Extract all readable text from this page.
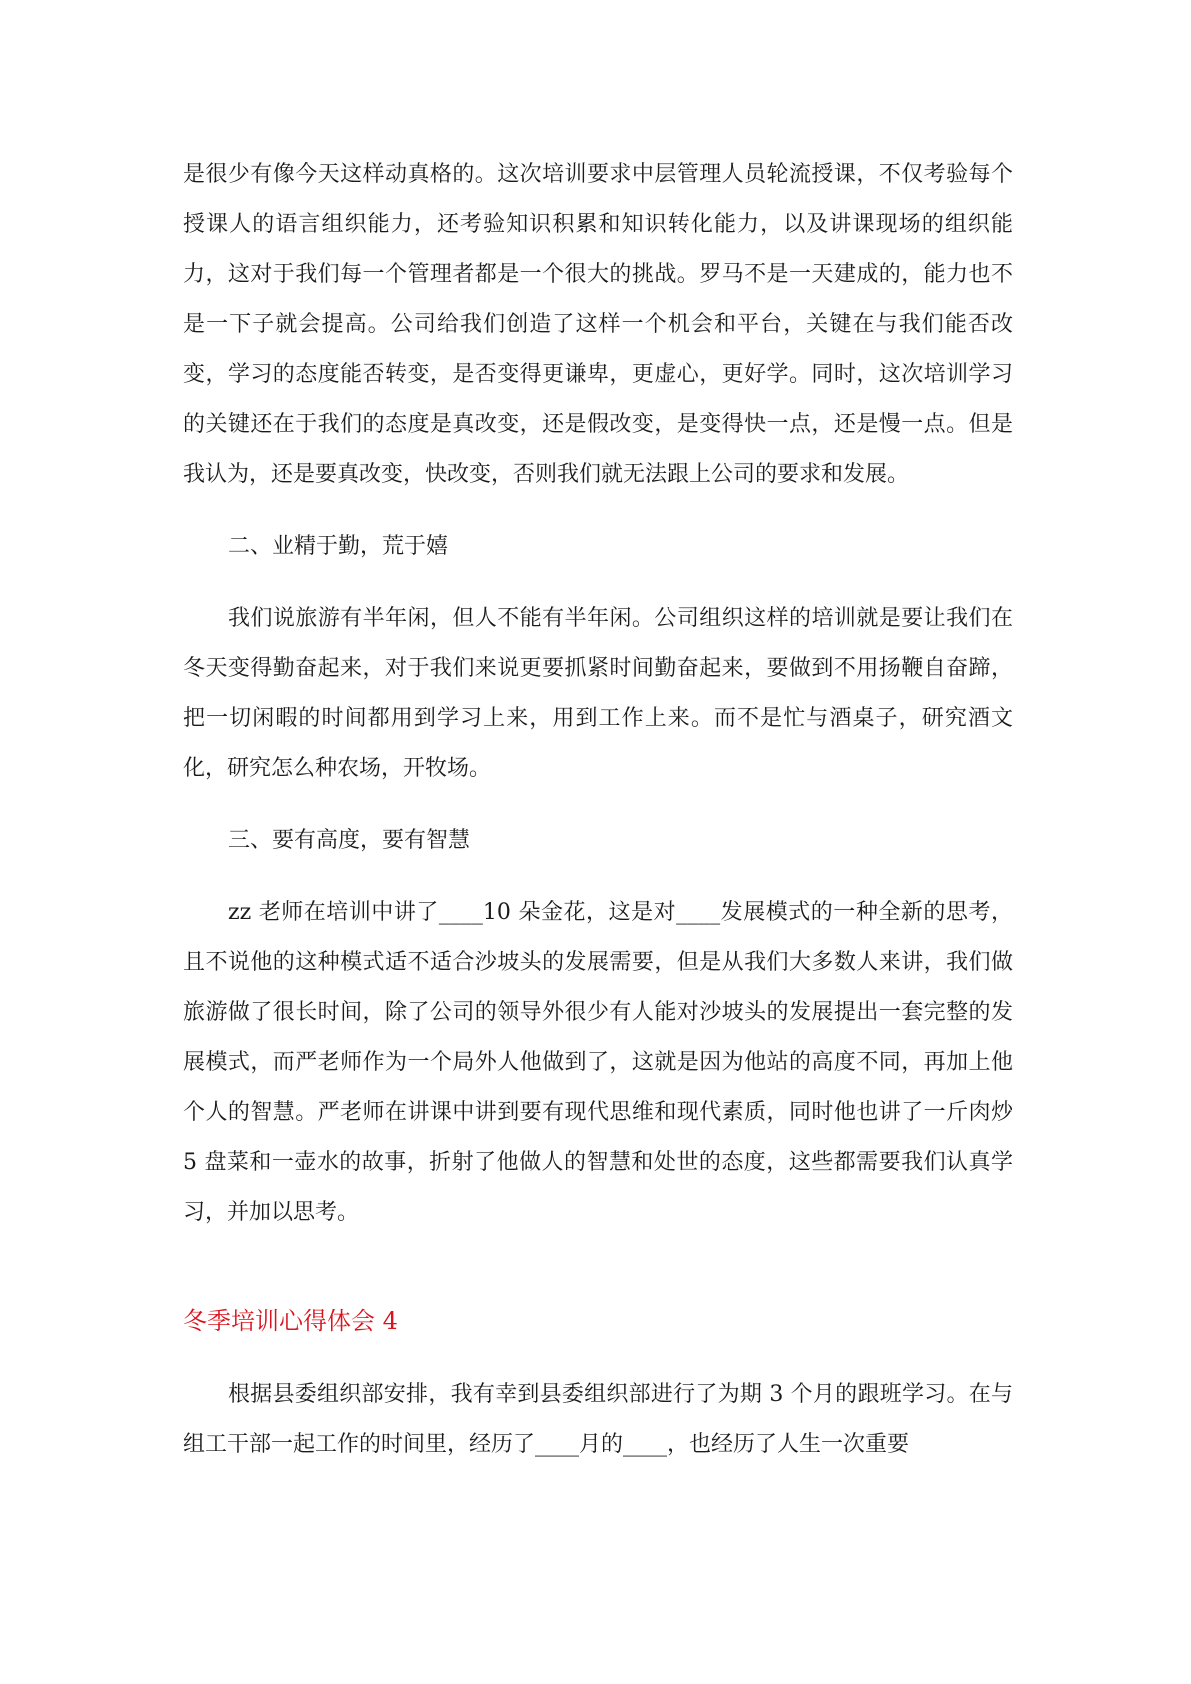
是很少有像今天这样动真格的。这次培训要求中层管理人员轮流授课，不仅考验每个授课人的语言组织能力，还考验知识积累和知识转化能力，以及讲课现场的组织能力，这对于我们每一个管理者都是一个很大的挑战。罗马不是一天建成的，能力也不是一下子就会提高。公司给我们创造了这样一个机会和平台，关键在与我们能否改变，学习的态度能否转变，是否变得更谦卑，更虚心，更好学。同时，这次培训学习的关键还在于我们的态度是真改变，还是假改变，是变得快一点，还是慢一点。但是我认为，还是要真改变，快改变，否则我们就无法跟上公司的要求和发展。

二、业精于勤，荒于嬉

我们说旅游有半年闲，但人不能有半年闲。公司组织这样的培训就是要让我们在冬天变得勤奋起来，对于我们来说更要抓紧时间勤奋起来，要做到不用扬鞭自奋蹄，把一切闲暇的时间都用到学习上来，用到工作上来。而不是忙与酒桌子，研究酒文化，研究怎么种农场，开牧场。

三、要有高度，要有智慧

zz 老师在培训中讲了____10 朵金花，这是对____发展模式的一种全新的思考，且不说他的这种模式适不适合沙坡头的发展需要，但是从我们大多数人来讲，我们做旅游做了很长时间，除了公司的领导外很少有人能对沙坡头的发展提出一套完整的发展模式，而严老师作为一个局外人他做到了，这就是因为他站的高度不同，再加上他个人的智慧。严老师在讲课中讲到要有现代思维和现代素质，同时他也讲了一斤肉炒 5 盘菜和一壶水的故事，折射了他做人的智慧和处世的态度，这些都需要我们认真学习，并加以思考。

冬季培训心得体会 4

根据县委组织部安排，我有幸到县委组织部进行了为期 3 个月的跟班学习。在与组工干部一起工作的时间里，经历了____月的____，也经历了人生一次重要
